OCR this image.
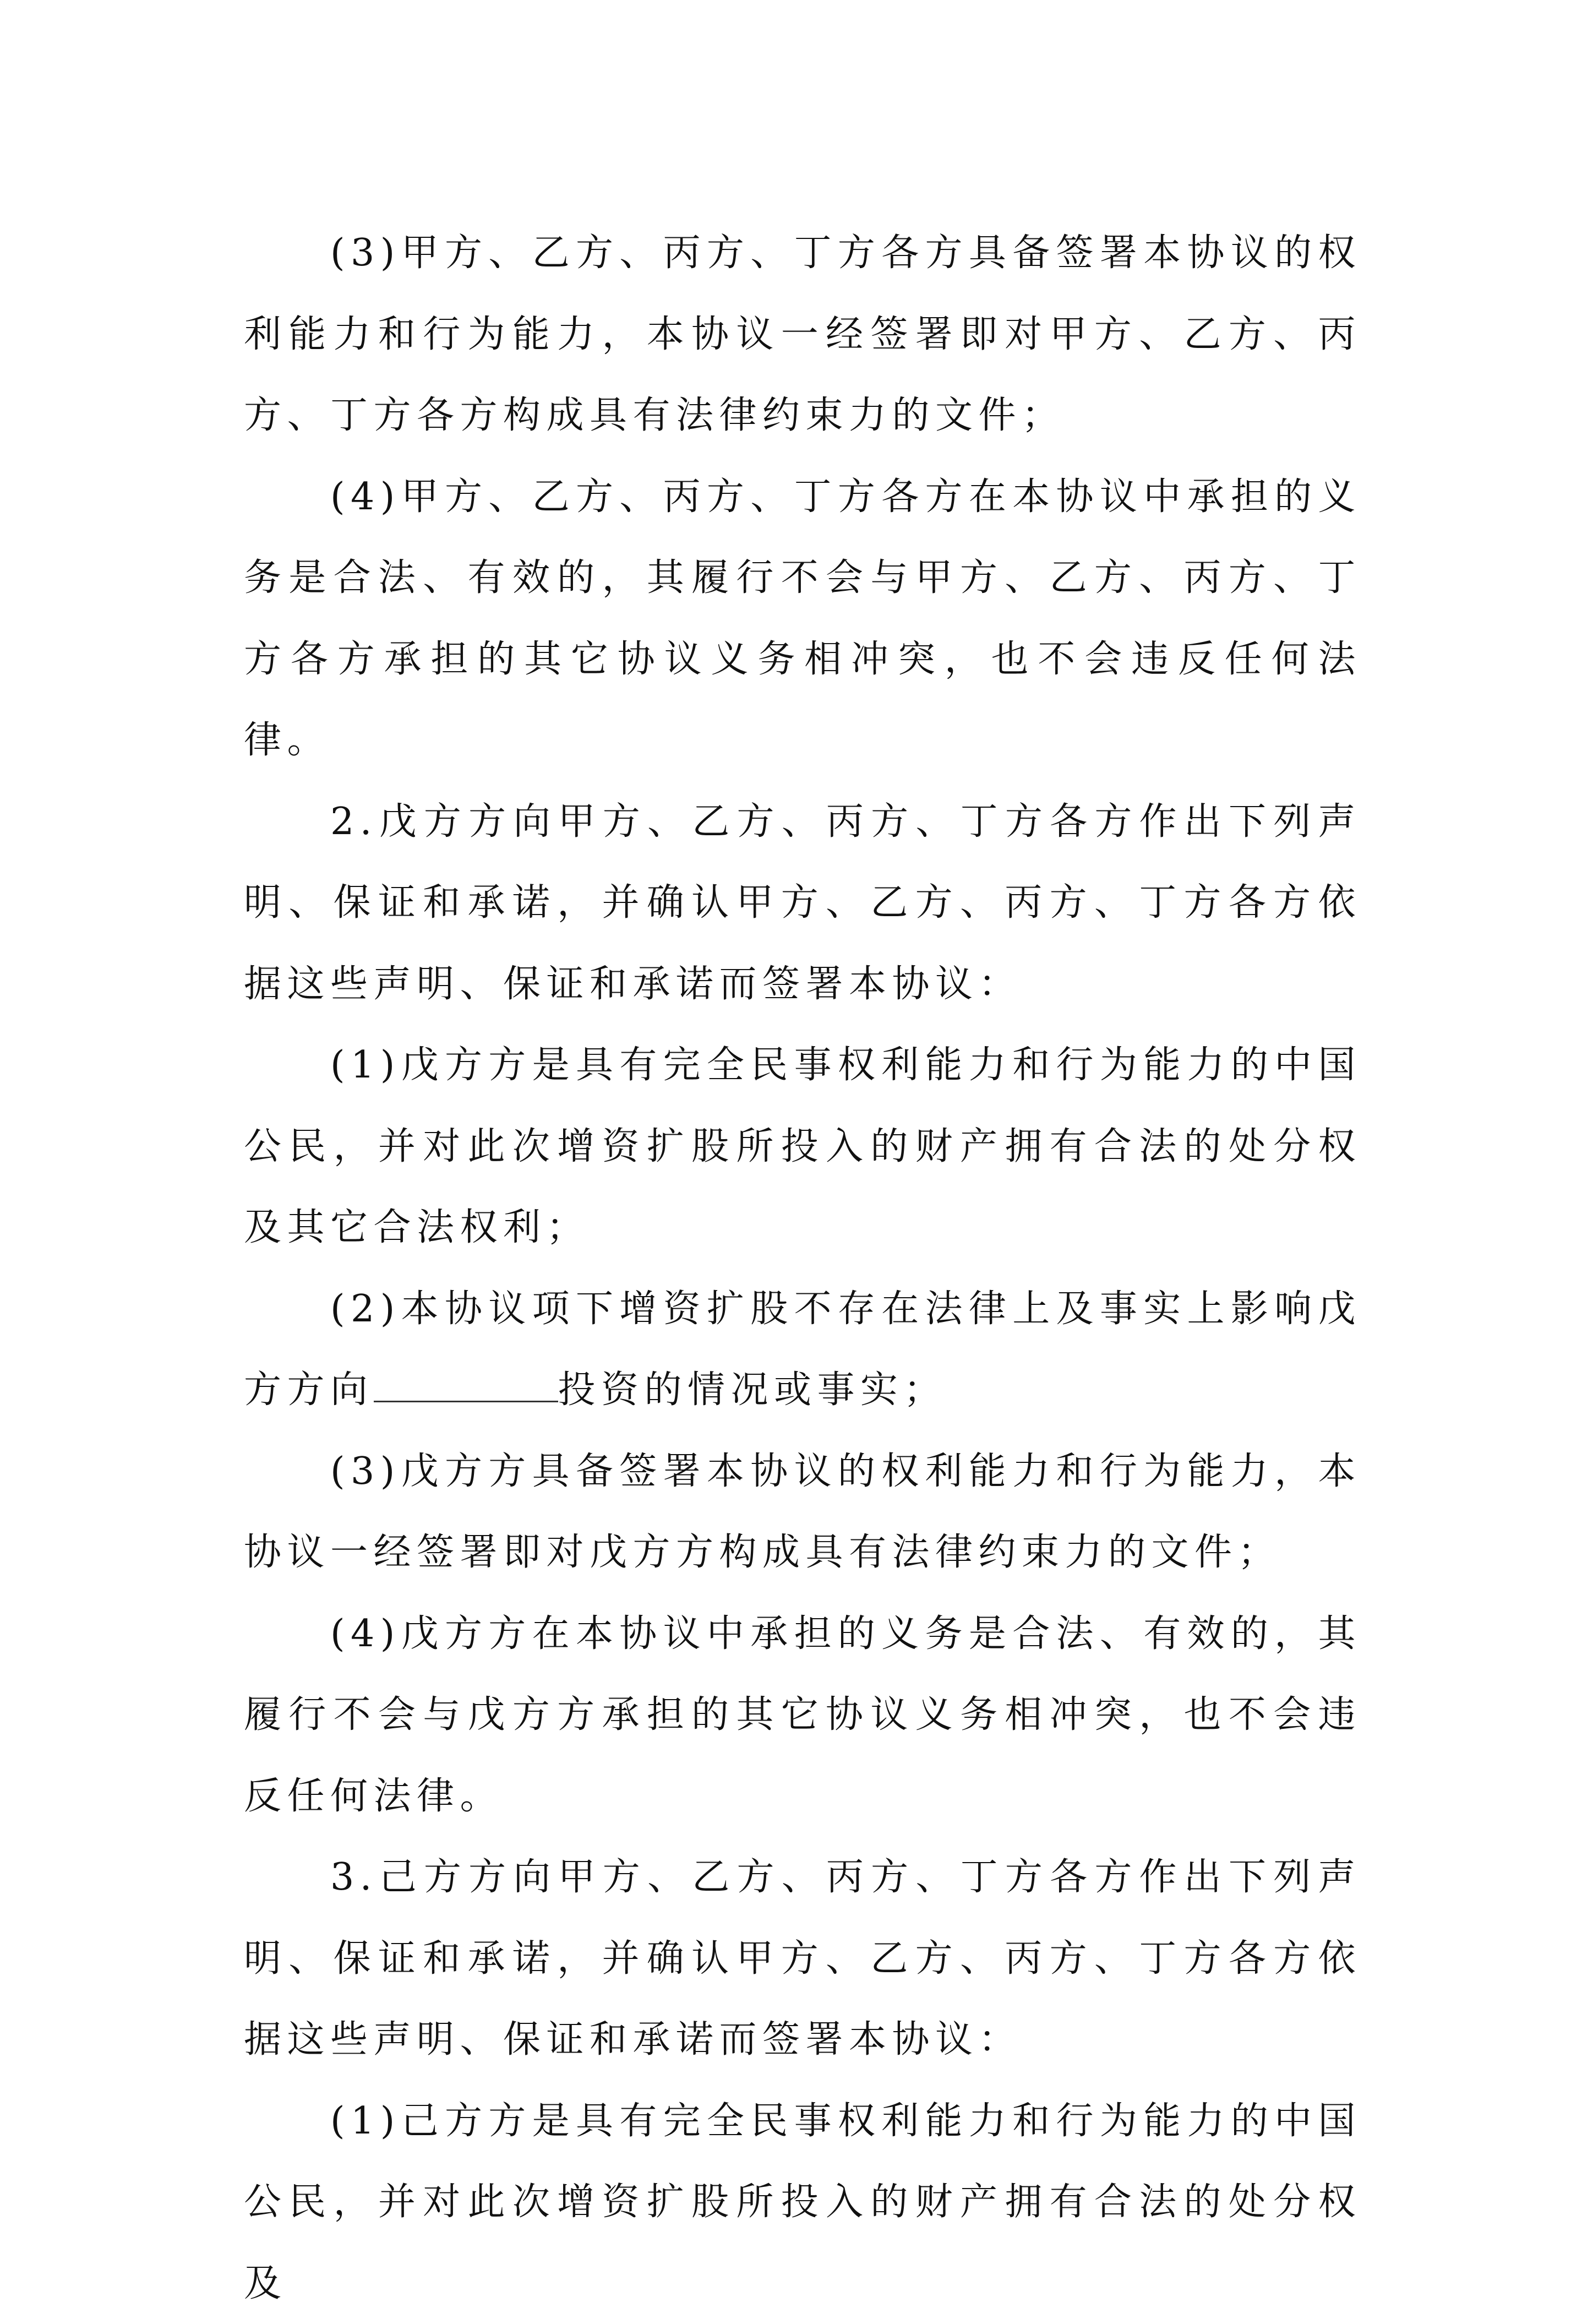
(3)甲方、乙方、丙方、丁方各方具备签署本协议的权利能力和行为能力，本协议一经签署即对甲方、乙方、丙方、丁方各方构成具有法律约束力的文件；

(4)甲方、乙方、丙方、丁方各方在本协议中承担的义务是合法、有效的，其履行不会与甲方、乙方、丙方、丁方各方承担的其它协议义务相冲突，也不会违反任何法律。

2.戊方方向甲方、乙方、丙方、丁方各方作出下列声明、保证和承诺，并确认甲方、乙方、丙方、丁方各方依据这些声明、保证和承诺而签署本协议：

(1)戊方方是具有完全民事权利能力和行为能力的中国公民，并对此次增资扩股所投入的财产拥有合法的处分权及其它合法权利；

(2)本协议项下增资扩股不存在法律上及事实上影响戊方方向	投资的情况或事实；

(3)戊方方具备签署本协议的权利能力和行为能力，本协议一经签署即对戊方方构成具有法律约束力的文件；

(4)戊方方在本协议中承担的义务是合法、有效的，其履行不会与戊方方承担的其它协议义务相冲突，也不会违反任何法律。

3.己方方向甲方、乙方、丙方、丁方各方作出下列声明、保证和承诺，并确认甲方、乙方、丙方、丁方各方依据这些声明、保证和承诺而签署本协议：

(1)己方方是具有完全民事权利能力和行为能力的中国公民，并对此次增资扩股所投入的财产拥有合法的处分权及
